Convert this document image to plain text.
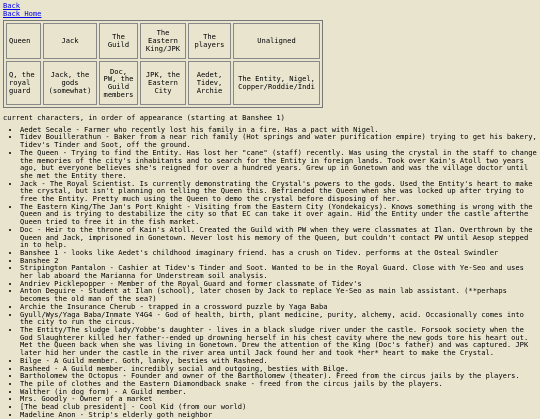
Back
Back Home
Queen	Jack	The Guild	The Eastern King/JPK	The players	Unaligned
Q, the royal guard	Jack, the gods (somewhat)	Doc, PW, the Guild members	JPK, the Eastern City	Aedet, Tidev, Archie	The Entity, Nigel, Copper/Roddie/Indi

current characters, in order of appearance (starting at Banshee 1)

• Aedet Secale - Farmer who recently lost his family in a fire. Has a pact with Nigel.
• Tidev Bouillerathun - Baker from a near rich family (Hot springs and water purification empire) trying to get his bakery, Tidev's Tinder and Soot, off the ground.
• The Queen - Trying to find the Entity. Has lost her "cane" (staff) recently. Was using the crystal in the staff to change the memories of the city's inhabitants and to search for the Entity in foreign lands. Took over Kain's Atoll two years ago, but everyone believes she's reigned for over a hundred years. Grew up in Gonetown and was the village doctor until she met the Entity there.
• Jack - The Royal Scientist. Is currently demonstrating the Crystal's powers to the gods. Used the Entity's heart to make the crystal, but isn't planning on telling the Queen this. Befriended the Queen when she was locked up after trying to free the Entity. Pretty much using the Queen to demo the crystal before disposing of her.
• The Eastern King/The Jan's Port Knight - Visiting from the Eastern City (Yondekaicys). Knows something is wrong with the Queen and is trying to destabilize the city so that EC can take it over again. Hid the Entity under the castle afterthe Queen tried to free it in the fish market.
• Doc - Heir to the throne of Kain's Atoll. Created the Guild with PW when they were classmates at Ilan. Overthrown by the Queen and Jack, imprisoned in Gonetown. Never lost his memory of the Queen, but couldn't contact PW until Aesop stepped in to help.
• Banshee 1 - looks like Aedet's childhood imaginary friend. has a crush on Tidev. performs at the Osteal Swindler
• Banshee 2
• Stripington Pantalon - Cashier at Tidev's Tinder and Soot. Wanted to be in the Royal Guard. Close with Ye-Seo and uses her lab aboard the Marianna for Understream soil analysis.
• Andriev Picklepopper - Member of the Royal Guard and former classmate of Tidev's
• Anton Deguire - Student at Ilan (school), later chosen by Jack to replace Ye-Seo as main lab assistant. (**perhaps becomes the old man of the sea?)
• Archie the Insurance Cherub - trapped in a crossword puzzle by Yaga Baba
• Gyull/Wys/Yaga Baba/Inmate Y4G4 - God of health, birth, plant medicine, purity, alchemy, acid. Occasionally comes into the city to run the circus.
• The Entity/The sludge lady/Yobbe's daughter - lives in a black sludge river under the castle. Forsook society when the God Slaughterer killed her father--ended up drowning herself in his chest cavity where the new gods tore his heart out. Met the Queen back when she was living in Gonetown. Drew the attention of the King (Doc's father) and was captured. JPK later hid her under the castle in the river area until Jack found her and took *her* heart to make the Crystal.
• Bilge - A Guild member. Goth, lanky, besties with Rasheed.
• Rasheed - A Guild member. incredibly social and outgoing, besties with Bilge.
• Bartholomew the Octopus - Founder and owner of the Bartholomew (theater). Freed from the circus jails by the players.
• The pile of clothes and the Eastern Diamondback snake - freed from the circus jails by the players.
• Walther (in dog form) - A Guild member.
• Mrs. Goodly - Owner of a market
• [The bead club president] - Cool Kid (from our world)
• Madeline Anon - Strip's elderly goth neighbor
